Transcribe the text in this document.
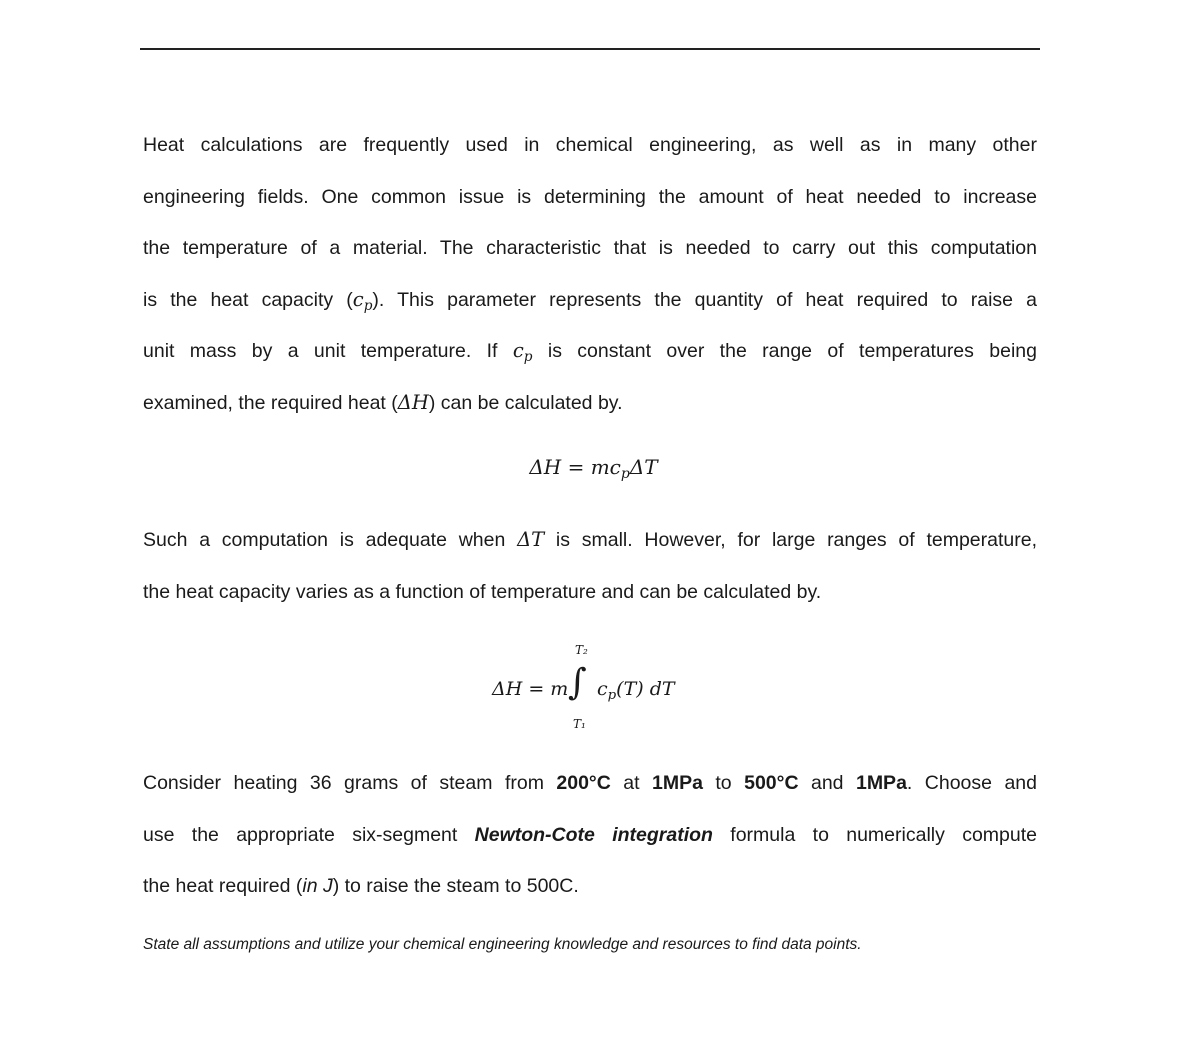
Heat calculations are frequently used in chemical engineering, as well as in many other
engineering fields. One common issue is determining the amount of heat needed to increase
the temperature of a material. The characteristic that is needed to carry out this computation
is the heat capacity $(c_p)$. This parameter represents the quantity of heat required to raise a
unit mass by a unit temperature. If $c_p$ is constant over the range of temperatures being
examined, the required heat (ΔH) can be calculated by.
$\Delta H = mc_p\Delta T$
Such a computation is adequate when ΔT is small. However, for large ranges of temperature,
the heat capacity varies as a function of temperature and can be calculated by.
ΔH = m
T₂
∫
T₁
$c_p(T)$ dT
Consider heating 36 grams of steam from 200°C at 1MPa to 500°C and 1MPa. Choose and
use the appropriate six-segment Newton-Cote integration formula to numerically compute
the heat required (in J) to raise the steam to 500C.
State all assumptions and utilize your chemical engineering knowledge and resources to find data points.
